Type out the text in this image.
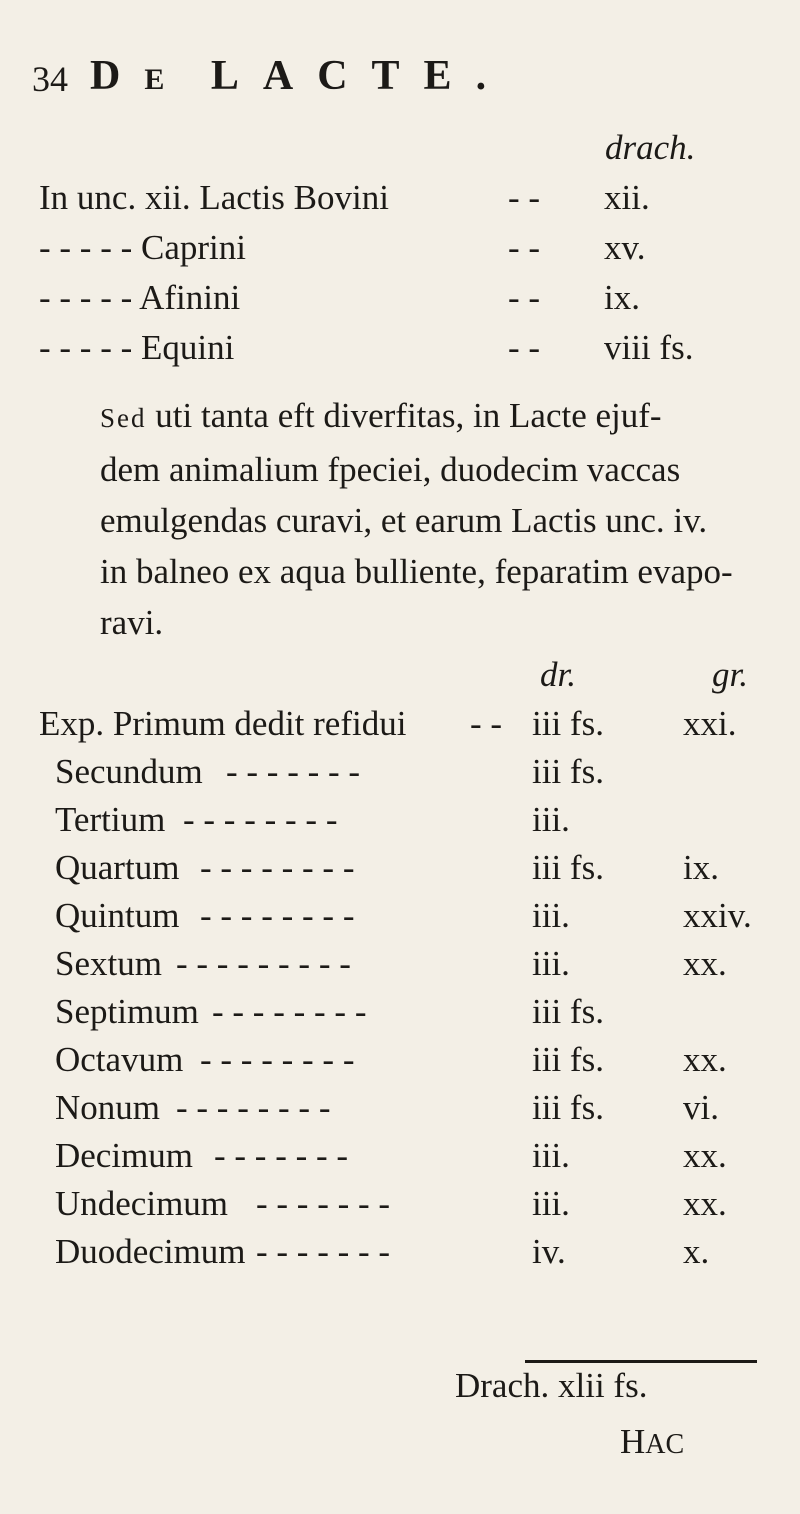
34 DE LACTE.
drach.
In unc. xii. Lactis Bovini	- - xii.
- - - - - Caprini	- - xv.
- - - - - Afinini	- - ix.
- - - - - Equini	- - viii fs.
Sed uti tanta eft diverfitas, in Lacte ejuf-
dem animalium fpeciei, duodecim vaccas
emulgendas curavi, et earum Lactis unc. iv.
in balneo ex aqua bulliente, feparatim evapo-
ravi.
dr.	gr.
Exp. Primum dedit refidui - - iii fs. xxi.
Secundum - - - - - - -	iii fs.
Tertium - - - - - - - -	iii.
Quartum - - - - - - - -	iii fs. ix.
Quintum - - - - - - - -	iii.	xxiv.
Sextum - - - - - - - - -	iii.	xx.
Septimum - - - - - - - -	iii fs.
Octavum - - - - - - - -	iii fs. xx.
Nonum - - - - - - - -	iii fs. vi.
Decimum - - - - - - -	iii.	xx.
Undecimum - - - - - - -	iii.	xx.
Duodecimum - - - - - - -	iv.	x.
Drach. xlii fs.
HAC
